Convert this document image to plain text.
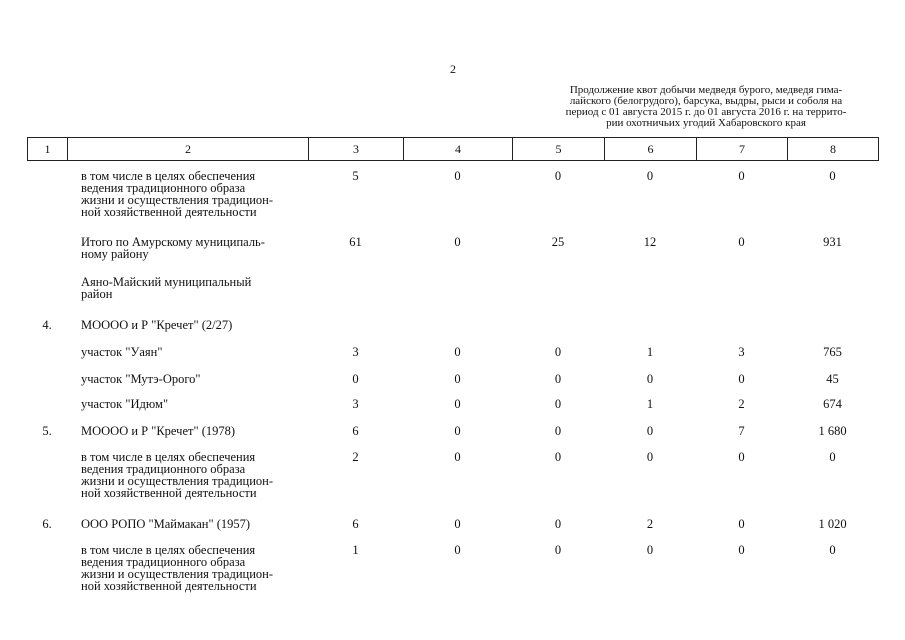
2
Продолжение квот добычи медведя бурого, медведя гима-
лайского (белогрудого), барсука, выдры, рыси и соболя на
период с 01 августа 2015 г. до 01 августа 2016 г. на террито-
рии охотничьих угодий Хабаровского края
1	2	3	4	5	6	7	8

	в том числе в целях обеспечения
ведения традиционного образа
жизни и осуществления традицион-
ной хозяйственной деятельности	5	0	0	0	0	0

	Итого по Амурскому муниципаль-
ному району	61	0	25	12	0	931

	Аяно-Майский муниципальный
район						

4.	МОООО и Р "Кречет" (2/27)						

	участок "Уаян"	3	0	0	1	3	765

	участок "Мутэ-Орого"	0	0	0	0	0	45

	участок "Идюм"	3	0	0	1	2	674
5.	МОООО и Р "Кречет" (1978)	6	0	0	0	7	1 680

	в том числе в целях обеспечения
ведения традиционного образа
жизни и осуществления традицион-
ной хозяйственной деятельности	2	0	0	0	0	0
6.	ООО РОПО "Маймакан" (1957)	6	0	0	2	0	1 020

	в том числе в целях обеспечения
ведения традиционного образа
жизни и осуществления традицион-
ной хозяйственной деятельности	1	0	0	0	0	0
